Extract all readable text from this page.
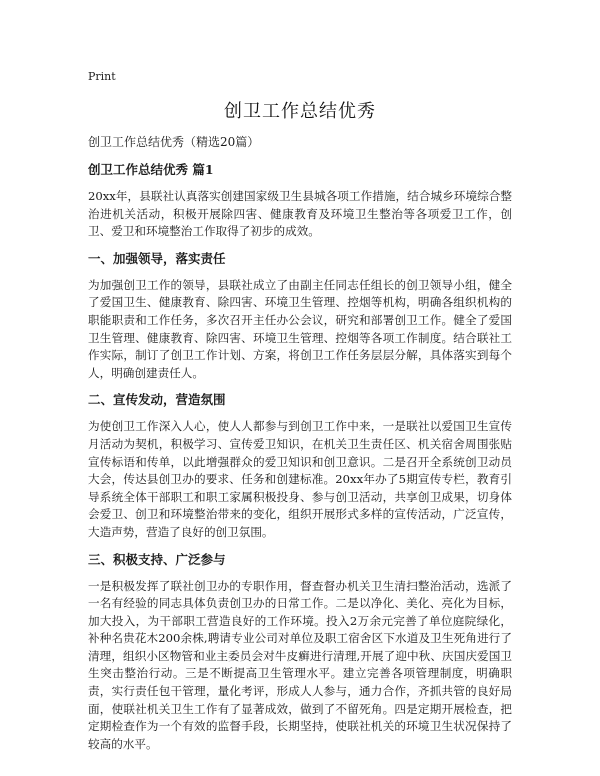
Print
创卫工作总结优秀

创卫工作总结优秀（精选20篇）

创卫工作总结优秀 篇1

20xx年，县联社认真落实创建国家级卫生县城各项工作措施，结合城乡环境综合整治进机关活动，积极开展除四害、健康教育及环境卫生整治等各项爱卫工作，创卫、爱卫和环境整治工作取得了初步的成效。

一、加强领导，落实责任

为加强创卫工作的领导，县联社成立了由副主任同志任组长的创卫领导小组，健全了爱国卫生、健康教育、除四害、环境卫生管理、控烟等机构，明确各组织机构的职能职责和工作任务，多次召开主任办公会议，研究和部署创卫工作。健全了爱国卫生管理、健康教育、除四害、环境卫生管理、控烟等各项工作制度。结合联社工作实际，制订了创卫工作计划、方案，将创卫工作任务层层分解，具体落实到每个人，明确创建责任人。

二、宣传发动，营造氛围

为使创卫工作深入人心，使人人都参与到创卫工作中来，一是联社以爱国卫生宣传月活动为契机，积极学习、宣传爱卫知识，在机关卫生责任区、机关宿舍周围张贴宣传标语和传单，以此增强群众的爱卫知识和创卫意识。二是召开全系统创卫动员大会，传达县创卫办的要求、任务和创建标准。20xx年办了5期宣传专栏，教育引导系统全体干部职工和职工家属积极投身、参与创卫活动，共享创卫成果，切身体会爱卫、创卫和环境整治带来的变化，组织开展形式多样的宣传活动，广泛宣传，大造声势，营造了良好的创卫氛围。

三、积极支持、广泛参与

一是积极发挥了联社创卫办的专职作用，督查督办机关卫生清扫整治活动，选派了一名有经验的同志具体负责创卫办的日常工作。二是以净化、美化、亮化为目标，加大投入，为干部职工营造良好的工作环境。投入2万余元完善了单位庭院绿化，补种名贵花木200余株,聘请专业公司对单位及职工宿舍区下水道及卫生死角进行了清理，组织小区物管和业主委员会对牛皮癣进行清理,开展了迎中秋、庆国庆爱国卫生突击整治行动。三是不断提高卫生管理水平。建立完善各项管理制度，明确职责，实行责任包干管理，量化考评，形成人人参与，通力合作，齐抓共管的良好局面，使联社机关卫生工作有了显著成效，做到了不留死角。四是定期开展检查，把定期检查作为一个有效的监督手段，长期坚持，使联社机关的环境卫生状况保持了较高的水平。
